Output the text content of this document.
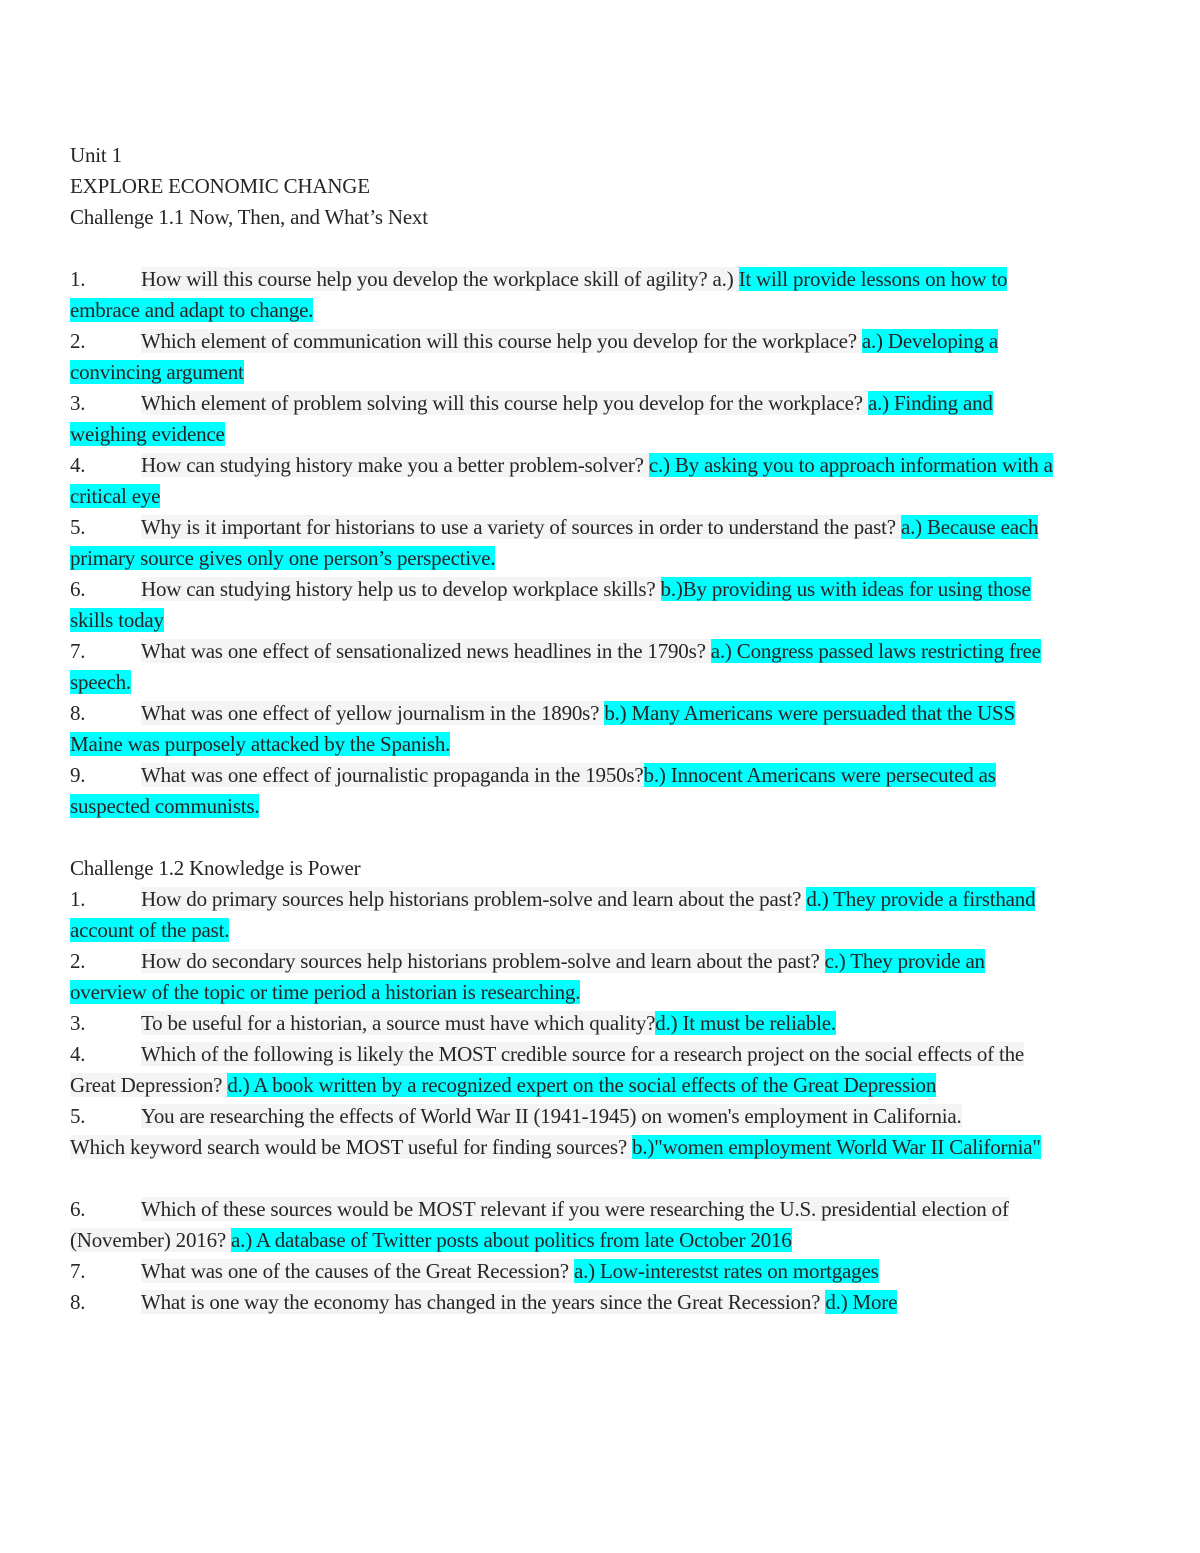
Unit 1

EXPLORE ECONOMIC CHANGE

Challenge 1.1 Now, Then, and What’s Next

1.	How will this course help you develop the workplace skill of agility? a.) It will provide lessons on how to embrace and adapt to change.

2.	Which element of communication will this course help you develop for the workplace? a.) Developing a convincing argument

3.	Which element of problem solving will this course help you develop for the workplace? a.) Finding and weighing evidence

4.	How can studying history make you a better problem-solver? c.) By asking you to approach information with a critical eye

5.	Why is it important for historians to use a variety of sources in order to understand the past? a.) Because each primary source gives only one person’s perspective.

6.	How can studying history help us to develop workplace skills? b.)By providing us with ideas for using those skills today

7.	What was one effect of sensationalized news headlines in the 1790s? a.) Congress passed laws restricting free speech.

8.	What was one effect of yellow journalism in the 1890s? b.) Many Americans were persuaded that the USS Maine was purposely attacked by the Spanish.

9.	What was one effect of journalistic propaganda in the 1950s?b.) Innocent Americans were persecuted as suspected communists.

Challenge 1.2 Knowledge is Power

1.	How do primary sources help historians problem-solve and learn about the past? d.) They provide a firsthand account of the past.

2.	How do secondary sources help historians problem-solve and learn about the past? c.) They provide an overview of the topic or time period a historian is researching.

3.	To be useful for a historian, a source must have which quality?d.) It must be reliable.

4.	Which of the following is likely the MOST credible source for a research project on the social effects of the Great Depression? d.) A book written by a recognized expert on the social effects of the Great Depression

5.	You are researching the effects of World War II (1941-1945) on women's employment in California.

Which keyword search would be MOST useful for finding sources? b.)"women employment World War II California"

6.	Which of these sources would be MOST relevant if you were researching the U.S. presidential election of (November) 2016? a.) A database of Twitter posts about politics from late October 2016

7.	What was one of the causes of the Great Recession? a.) Low-interestst rates on mortgages

8.	What is one way the economy has changed in the years since the Great Recession? d.) More
